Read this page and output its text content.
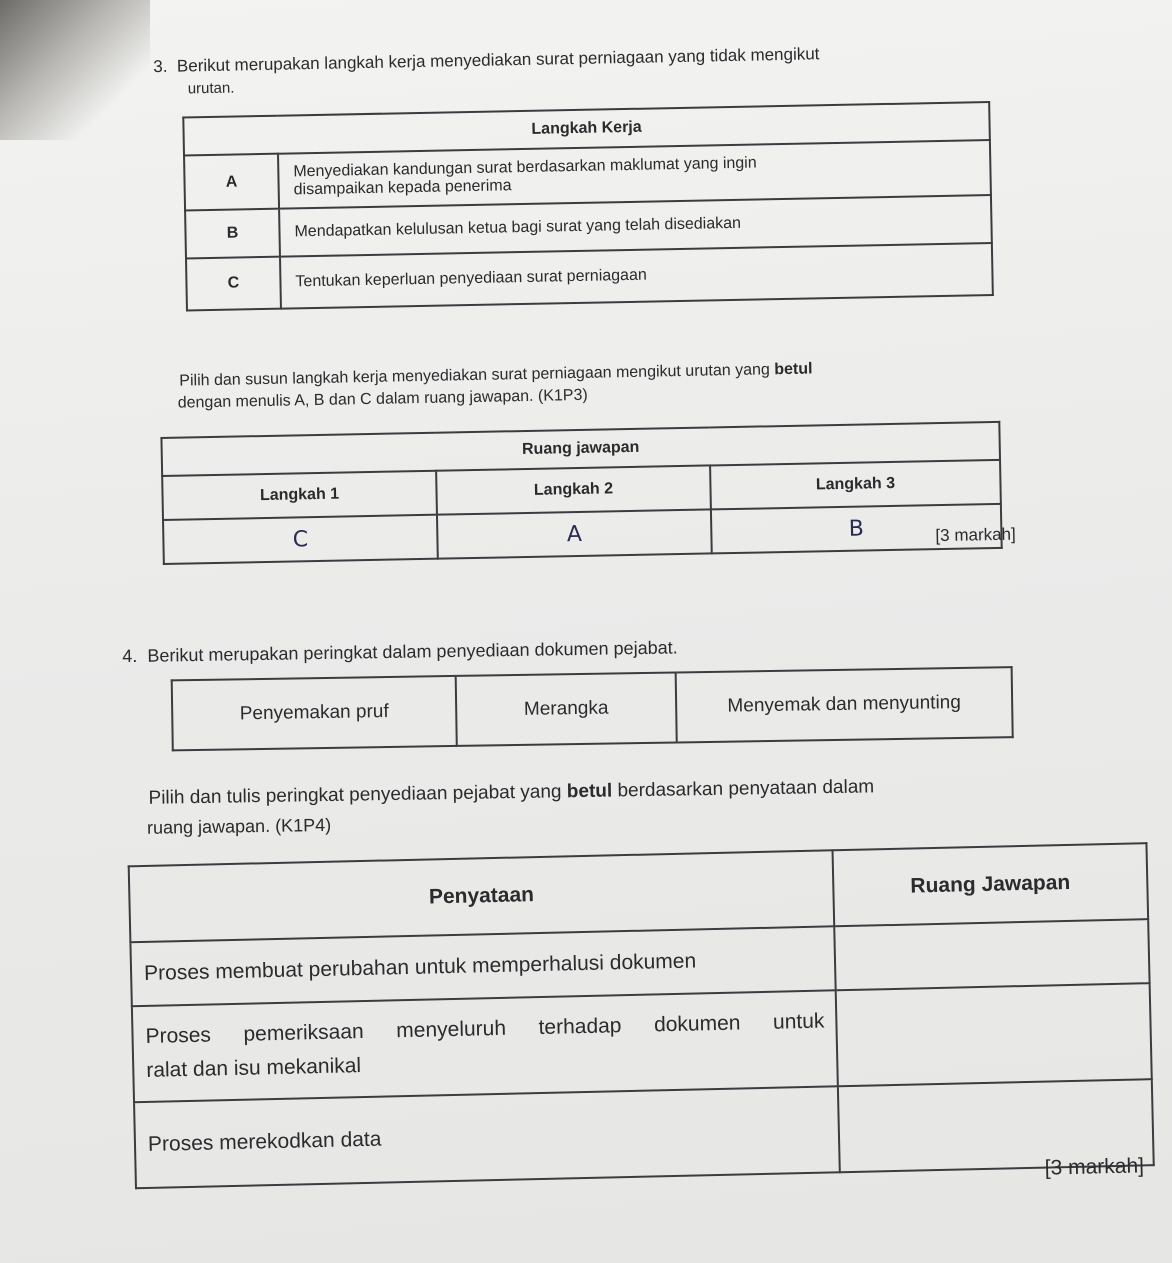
3. Berikut merupakan langkah kerja menyediakan surat perniagaan yang tidak mengikut
urutan.
Langkah Kerja	
A	Menyediakan kandungan surat berdasarkan maklumat yang ingin
disampaikan kepada penerima

B	Mendapatkan kelulusan ketua bagi surat yang telah disediakan
C	Tentukan keperluan penyediaan surat perniagaan
Pilih dan susun langkah kerja menyediakan surat perniagaan mengikut urutan yang betul
dengan menulis A, B dan C dalam ruang jawapan. (K1P3)
Ruang jawapan		
Langkah 1	Langkah 2	Langkah 3
C	A	B	[3 markah]
4. Berikut merupakan peringkat dalam penyediaan dokumen pejabat.
Penyemakan pruf	Merangka	Menyemak dan menyunting
Pilih dan tulis peringkat penyediaan pejabat yang betul berdasarkan penyataan dalam
ruang jawapan. (K1P4)
Penyataan	Ruang Jawapan
Proses membuat perubahan untuk memperhalusi dokumen	

Proses pemeriksaan menyeluruh terhadap dokumen untuk
ralat dan isu mekanikal	

Proses merekodkan data	
[3 markah]
